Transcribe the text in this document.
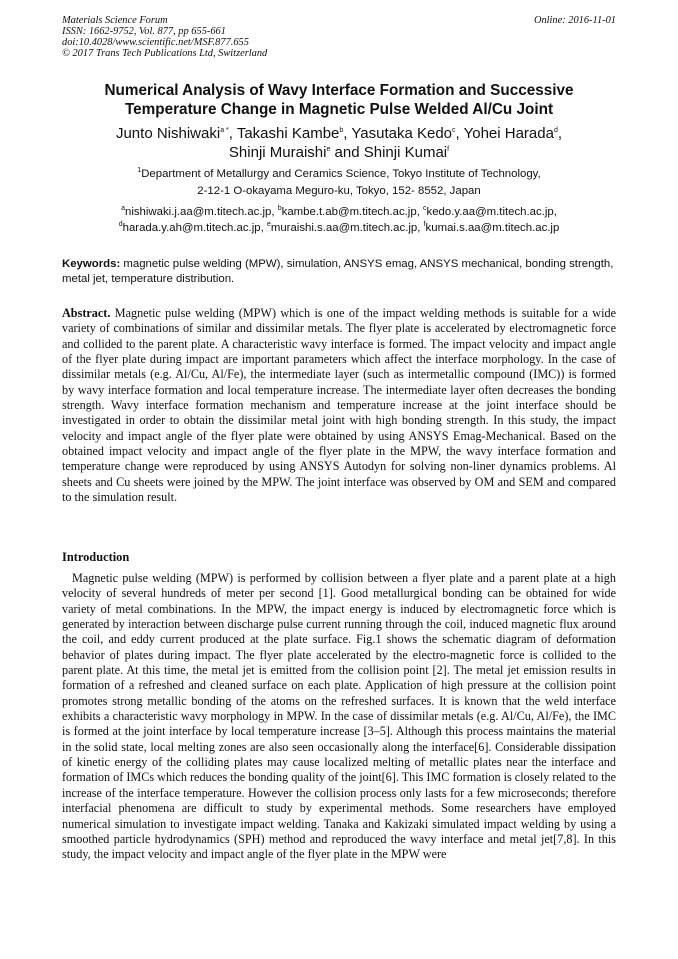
Materials Science Forum
ISSN: 1662-9752, Vol. 877, pp 655-661
doi:10.4028/www.scientific.net/MSF.877.655
© 2017 Trans Tech Publications Ltd, Switzerland
Online: 2016-11-01
Numerical Analysis of Wavy Interface Formation and Successive
Temperature Change in Magnetic Pulse Welded Al/Cu Joint
Junto Nishiwaki$^{a *}$, Takashi Kambe$^b$, Yasutaka Kedo$^c$, Yohei Harada$^d$,
Shinji Muraishi$^e$ and Shinji Kumai$^f$
$^1$Department of Metallurgy and Ceramics Science, Tokyo Institute of Technology,
2-12-1 O-okayama Meguro-ku, Tokyo, 152- 8552, Japan
$^a$nishiwaki.j.aa@m.titech.ac.jp, $^b$kambe.t.ab@m.titech.ac.jp, $^c$kedo.y.aa@m.titech.ac.jp,
$^d$harada.y.ah@m.titech.ac.jp, $^e$muraishi.s.aa@m.titech.ac.jp, $^f$kumai.s.aa@m.titech.ac.jp
Keywords: magnetic pulse welding (MPW), simulation, ANSYS emag, ANSYS mechanical, bonding strength, metal jet, temperature distribution.
Abstract. Magnetic pulse welding (MPW) which is one of the impact welding methods is suitable for a wide variety of combinations of similar and dissimilar metals. The flyer plate is accelerated by electromagnetic force and collided to the parent plate. A characteristic wavy interface is formed. The impact velocity and impact angle of the flyer plate during impact are important parameters which affect the interface morphology. In the case of dissimilar metals (e.g. Al/Cu, Al/Fe), the intermediate layer (such as intermetallic compound (IMC)) is formed by wavy interface formation and local temperature increase. The intermediate layer often decreases the bonding strength. Wavy interface formation mechanism and temperature increase at the joint interface should be investigated in order to obtain the dissimilar metal joint with high bonding strength. In this study, the impact velocity and impact angle of the flyer plate were obtained by using ANSYS Emag-Mechanical. Based on the obtained impact velocity and impact angle of the flyer plate in the MPW, the wavy interface formation and temperature change were reproduced by using ANSYS Autodyn for solving non-liner dynamics problems. Al sheets and Cu sheets were joined by the MPW. The joint interface was observed by OM and SEM and compared to the simulation result.
Introduction
Magnetic pulse welding (MPW) is performed by collision between a flyer plate and a parent plate at a high velocity of several hundreds of meter per second [1]. Good metallurgical bonding can be obtained for wide variety of metal combinations. In the MPW, the impact energy is induced by electromagnetic force which is generated by interaction between discharge pulse current running through the coil, induced magnetic flux around the coil, and eddy current produced at the plate surface. Fig.1 shows the schematic diagram of deformation behavior of plates during impact. The flyer plate accelerated by the electro-magnetic force is collided to the parent plate. At this time, the metal jet is emitted from the collision point [2]. The metal jet emission results in formation of a refreshed and cleaned surface on each plate. Application of high pressure at the collision point promotes strong metallic bonding of the atoms on the refreshed surfaces. It is known that the weld interface exhibits a characteristic wavy morphology in MPW. In the case of dissimilar metals (e.g. Al/Cu, Al/Fe), the IMC is formed at the joint interface by local temperature increase [3–5]. Although this process maintains the material in the solid state, local melting zones are also seen occasionally along the interface[6]. Considerable dissipation of kinetic energy of the colliding plates may cause localized melting of metallic plates near the interface and formation of IMCs which reduces the bonding quality of the joint[6]. This IMC formation is closely related to the increase of the interface temperature. However the collision process only lasts for a few microseconds; therefore interfacial phenomena are difficult to study by experimental methods. Some researchers have employed numerical simulation to investigate impact welding. Tanaka and Kakizaki simulated impact welding by using a smoothed particle hydrodynamics (SPH) method and reproduced the wavy interface and metal jet[7,8]. In this study, the impact velocity and impact angle of the flyer plate in the MPW were
